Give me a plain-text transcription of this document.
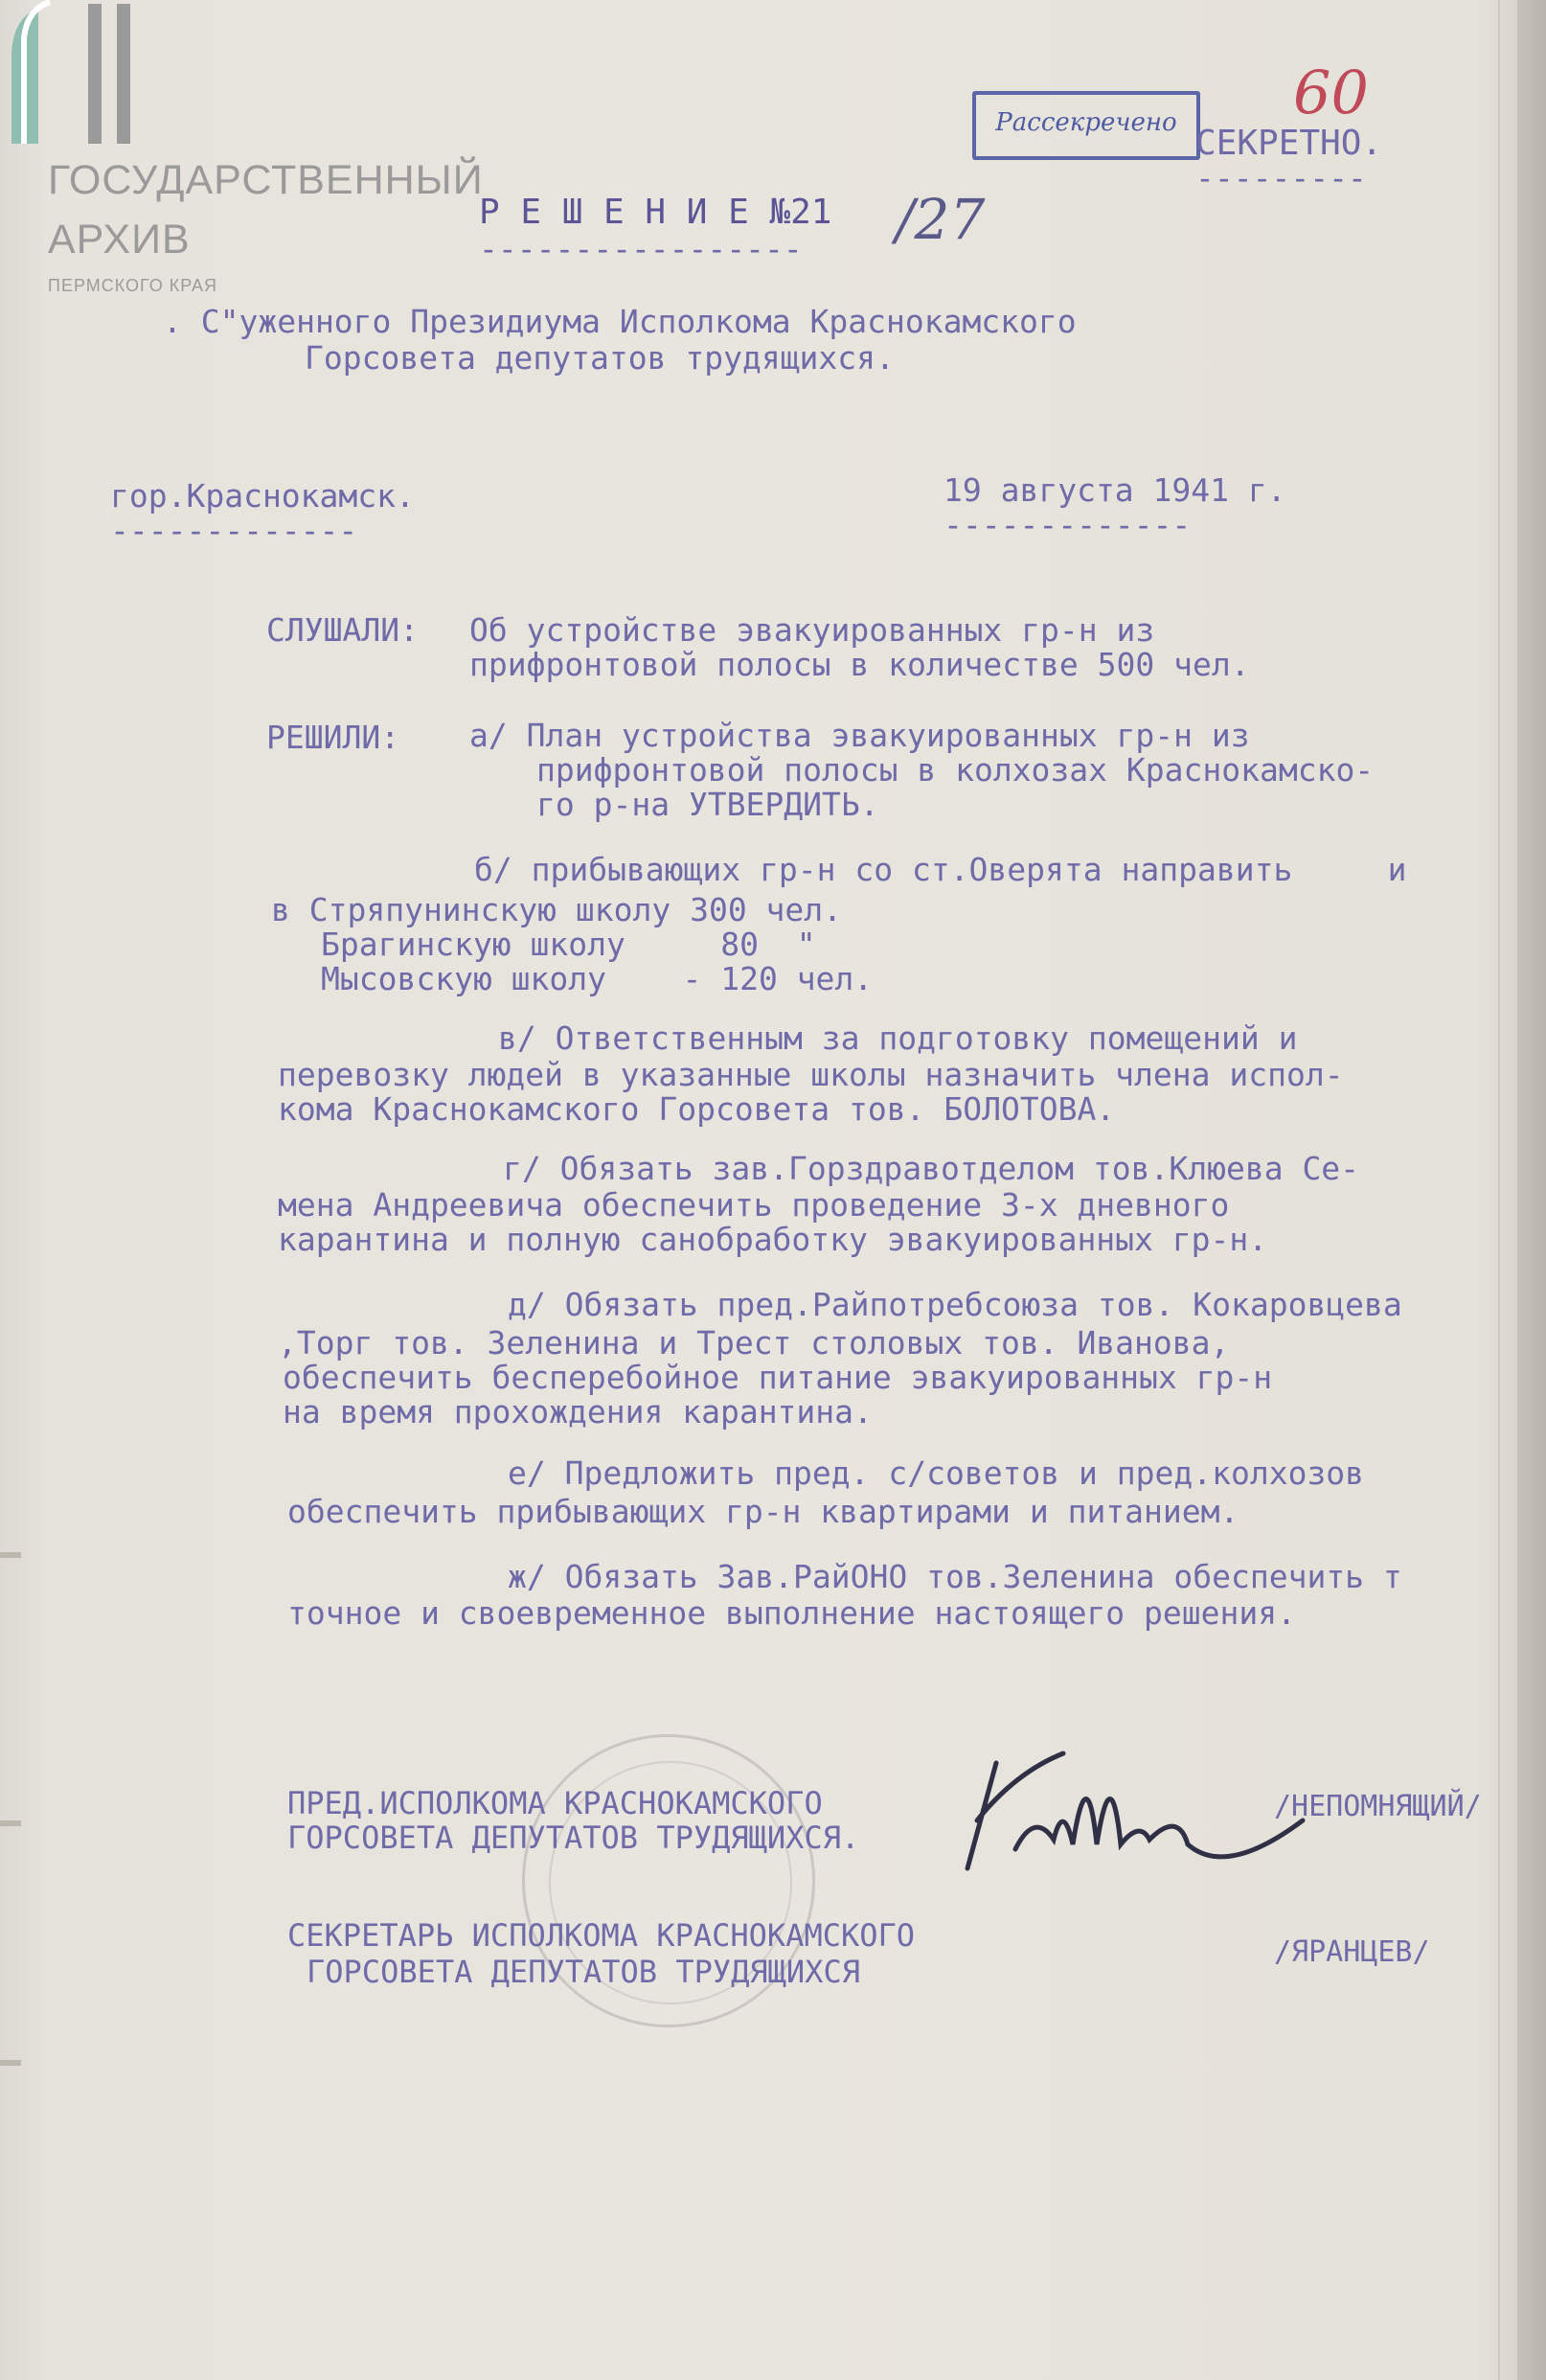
ГОСУДАРСТВЕННЫЙ
АРХИВ
ПЕРМСКОГО КРАЯ
Рассекречено	60
СЕКРЕТНО.
---------
Р Е Ш Е Н И Е №21 /27
-----------------
. С"уженного Президиума Исполкома Краснокамского
Горсовета депутатов трудящихся.
гор.Краснокамск.
-------------
19 августа 1941 г.
-------------
СЛУШАЛИ: Об устройстве эвакуированных гр-н из
прифронтовой полосы в количестве 500 чел.
РЕШИЛИ: а/ План устройства эвакуированных гр-н из
прифронтовой полосы в колхозах Краснокамско-
го р-на УТВЕРДИТЬ.
б/ прибывающих гр-н со ст.Оверята направить     и
в Стряпунинскую школу 300 чел.
Брагинскую школу     80  "
Мысовскую школу    - 120 чел.
в/ Ответственным за подготовку помещений и
перевозку людей в указанные школы назначить члена испол-
кома Краснокамского Горсовета тов. БОЛОТОВА.
г/ Обязать зав.Горздравотделом тов.Клюева Се-
мена Андреевича обеспечить проведение 3-х дневного
карантина и полную санобработку эвакуированных гр-н.
д/ Обязать пред.Райпотребсоюза тов. Кокаровцева
,Торг тов. Зеленина и Трест столовых тов. Иванова,
обеспечить бесперебойное питание эвакуированных гр-н
на время прохождения карантина.
е/ Предложить пред. с/советов и пред.колхозов
обеспечить прибывающих гр-н квартирами и питанием.
ж/ Обязать Зав.РайОНО тов.Зеленина обеспечить т
точное и своевременное выполнение настоящего решения.
ПРЕД.ИСПОЛКОМА КРАСНОКАМСКОГО
ГОРСОВЕТА ДЕПУТАТОВ ТРУДЯЩИХСЯ.
/НЕПОМНЯЩИЙ/
СЕКРЕТАРЬ ИСПОЛКОМА КРАСНОКАМСКОГО
ГОРСОВЕТА ДЕПУТАТОВ ТРУДЯЩИХСЯ
/ЯРАНЦЕВ/
